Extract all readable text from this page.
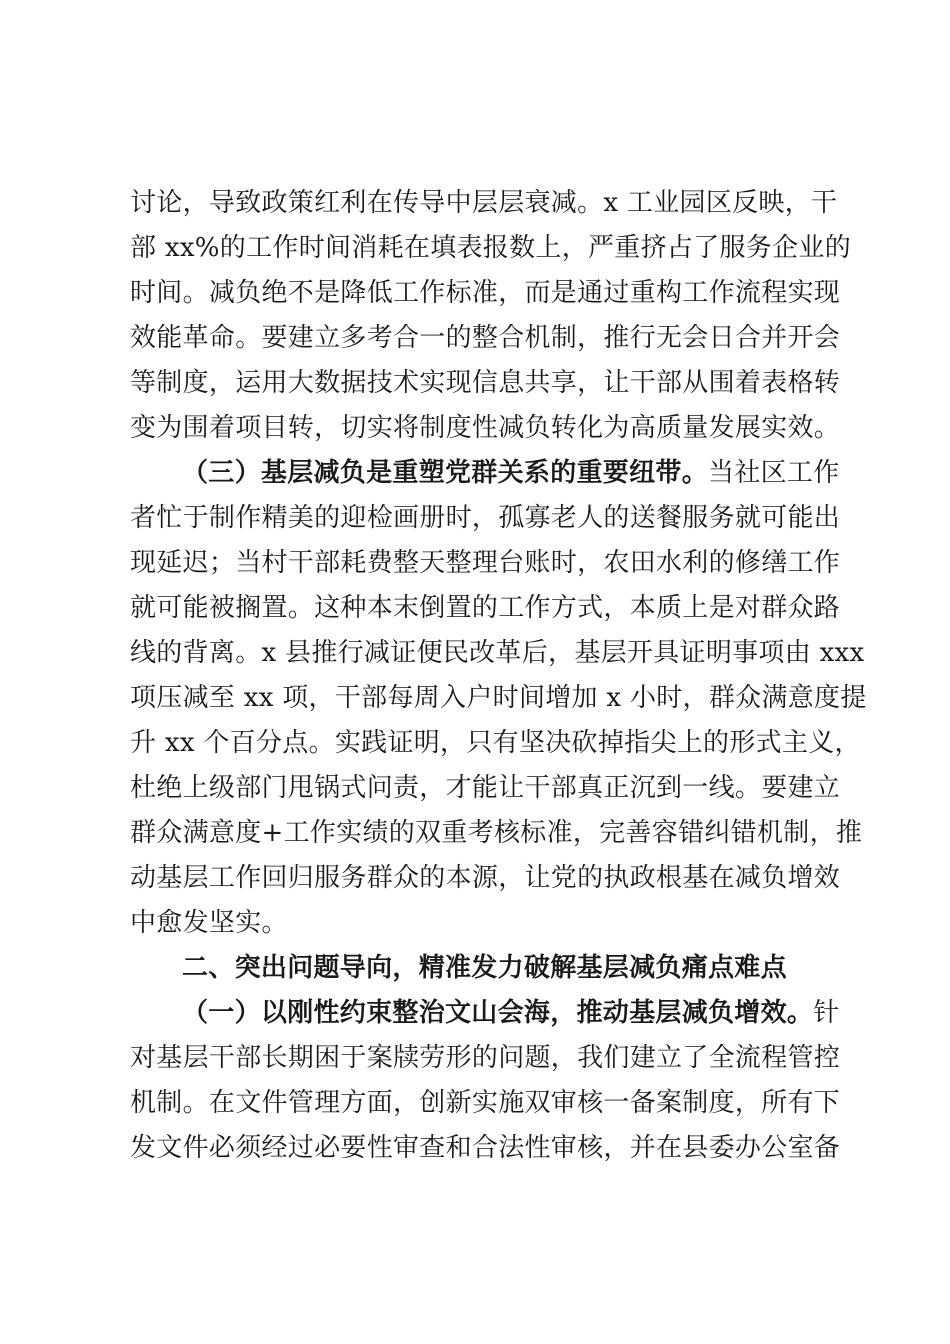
讨论，导致政策红利在传导中层层衰减。x 工业园区反映，干
部 xx%的工作时间消耗在填表报数上，严重挤占了服务企业的
时间。减负绝不是降低工作标准，而是通过重构工作流程实现
效能革命。要建立多考合一的整合机制，推行无会日合并开会
等制度，运用大数据技术实现信息共享，让干部从围着表格转
变为围着项目转，切实将制度性减负转化为高质量发展实效。
（三）基层减负是重塑党群关系的重要纽带。当社区工作
者忙于制作精美的迎检画册时，孤寡老人的送餐服务就可能出
现延迟；当村干部耗费整天整理台账时，农田水利的修缮工作
就可能被搁置。这种本末倒置的工作方式，本质上是对群众路
线的背离。x 县推行减证便民改革后，基层开具证明事项由 xxx
项压减至 xx 项，干部每周入户时间增加 x 小时，群众满意度提
升 xx 个百分点。实践证明，只有坚决砍掉指尖上的形式主义，
杜绝上级部门甩锅式问责，才能让干部真正沉到一线。要建立
群众满意度+工作实绩的双重考核标准，完善容错纠错机制，推
动基层工作回归服务群众的本源，让党的执政根基在减负增效
中愈发坚实。
二、突出问题导向，精准发力破解基层减负痛点难点
（一）以刚性约束整治文山会海，推动基层减负增效。针
对基层干部长期困于案牍劳形的问题，我们建立了全流程管控
机制。在文件管理方面，创新实施双审核一备案制度，所有下
发文件必须经过必要性审查和合法性审核，并在县委办公室备
